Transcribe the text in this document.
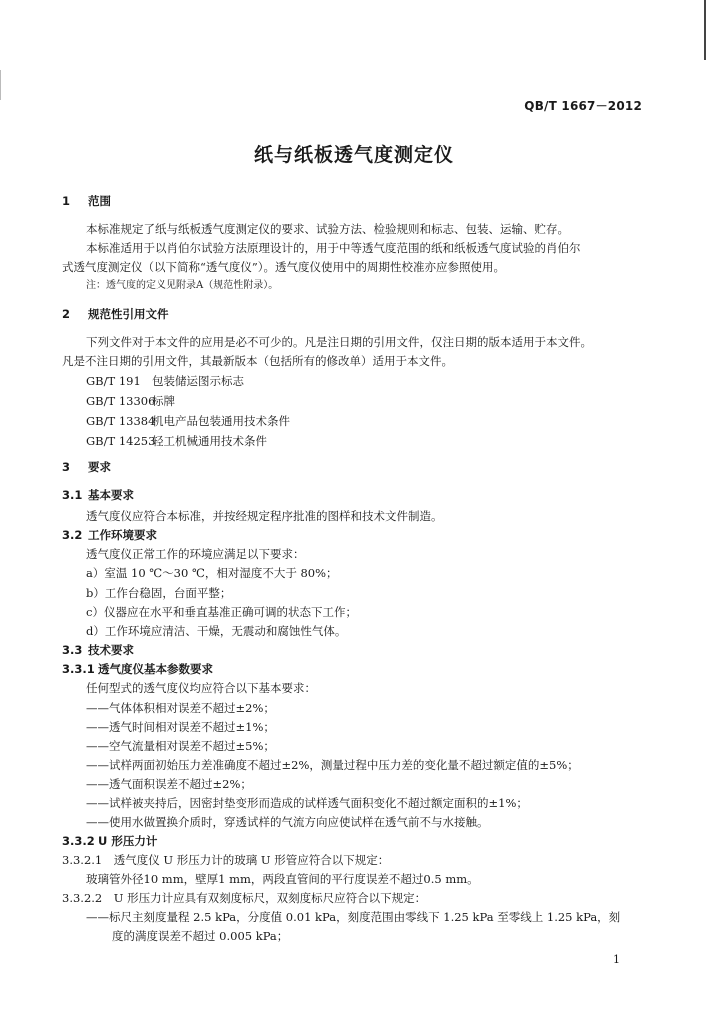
QB/T 1667－2012
纸与纸板透气度测定仪
1 范围
本标准规定了纸与纸板透气度测定仪的要求、试验方法、检验规则和标志、包装、运输、贮存。
本标准适用于以肖伯尔试验方法原理设计的，用于中等透气度范围的纸和纸板透气度试验的肖伯尔
式透气度测定仪（以下简称“透气度仪”）。透气度仪使用中的周期性校准亦应参照使用。
注：透气度的定义见附录A（规范性附录）。
2 规范性引用文件
下列文件对于本文件的应用是必不可少的。凡是注日期的引用文件，仅注日期的版本适用于本文件。
凡是不注日期的引用文件，其最新版本（包括所有的修改单）适用于本文件。
GB/T 191 包装储运图示标志
GB/T 13306标牌
GB/T 13384机电产品包装通用技术条件
GB/T 14253轻工机械通用技术条件
3 要求
3.1 基本要求
透气度仪应符合本标准，并按经规定程序批准的图样和技术文件制造。
3.2 工作环境要求
透气度仪正常工作的环境应满足以下要求：
a）室温 10 ℃～30 ℃，相对湿度不大于 80%；
b）工作台稳固，台面平整；
c）仪器应在水平和垂直基准正确可调的状态下工作；
d）工作环境应清洁、干燥，无震动和腐蚀性气体。
3.3 技术要求
3.3.1 透气度仪基本参数要求
任何型式的透气度仪均应符合以下基本要求：
——气体体积相对误差不超过±2%；
——透气时间相对误差不超过±1%；
——空气流量相对误差不超过±5%；
——试样两面初始压力差准确度不超过±2%，测量过程中压力差的变化量不超过额定值的±5%；
——透气面积误差不超过±2%；
——试样被夹持后，因密封垫变形而造成的试样透气面积变化不超过额定面积的±1%；
——使用水做置换介质时，穿透试样的气流方向应使试样在透气前不与水接触。
3.3.2 U 形压力计
3.3.2.1　透气度仪 U 形压力计的玻璃 U 形管应符合以下规定：
玻璃管外径10 mm，壁厚1 mm，两段直管间的平行度误差不超过0.5 mm。
3.3.2.2　U 形压力计应具有双刻度标尺，双刻度标尺应符合以下规定：
——标尺主刻度量程 2.5 kPa，分度值 0.01 kPa，刻度范围由零线下 1.25 kPa 至零线上 1.25 kPa，刻
度的满度误差不超过 0.005 kPa；
1
